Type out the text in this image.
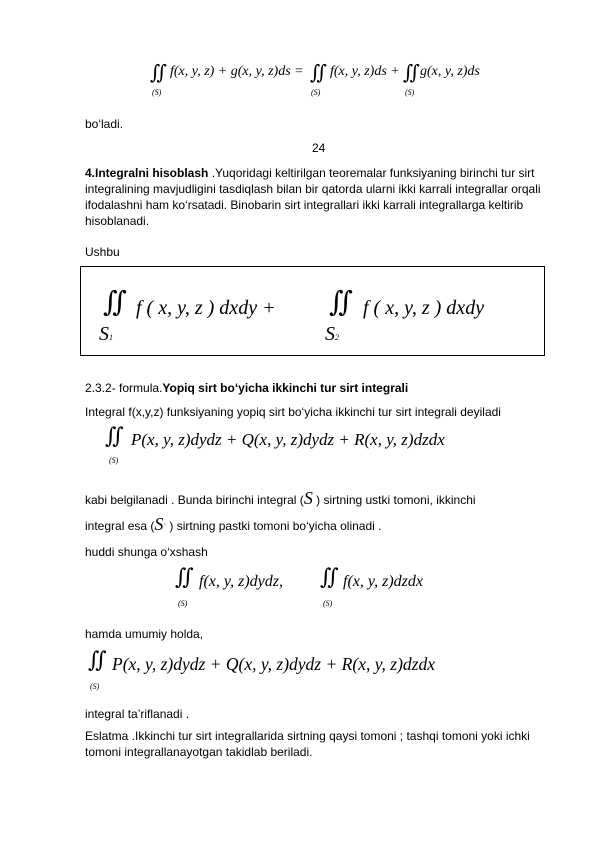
∬
(S)
f(x, y, z) + g(x, y, z)ds = ∬
(S)
f(x, y, z)ds + ∬
(S)
g(x, y, z)ds
bo‘ladi.
24
4.Integralni hisoblash .Yuqoridagi keltirilgan teoremalar funksiyaning birinchi tur sirt integralining mavjudligini tasdiqlash bilan bir qatorda ularni ikki karrali integrallar orqali ifodalashni ham ko‘rsatadi. Binobarin sirt integrallari ikki karrali integrallarga keltirib hisoblanadi.
Ushbu
∬
S1
f ( x, y, z ) dxdy + ∬
S2
f ( x, y, z ) dxdy
2.3.2- formula.Yopiq sirt bo‘yicha ikkinchi tur sirt integrali
Integral f(x,y,z) funksiyaning yopiq sirt bo‘yicha ikkinchi tur sirt integrali deyiladi
∬
(S)
P(x, y, z)dydz + Q(x, y, z)dydz + R(x, y, z)dzdx
kabi belgilanadi . Bunda birinchi integral (S ) sirtning ustki tomoni, ikkinchi
integral esa (S` ) sirtning pastki tomoni bo‘yicha olinadi .
huddi shunga o‘xshash
∬
(S)
f(x, y, z)dydz, ∬
(S)
f(x, y, z)dzdx
hamda umumiy holda,
∬
(S)
P(x, y, z)dydz + Q(x, y, z)dydz + R(x, y, z)dzdx
integral ta’riflanadi .
Eslatma .Ikkinchi tur sirt integrallarida sirtning qaysi tomoni ; tashqi tomoni yoki ichki tomoni integrallanayotgan takidlab beriladi.
